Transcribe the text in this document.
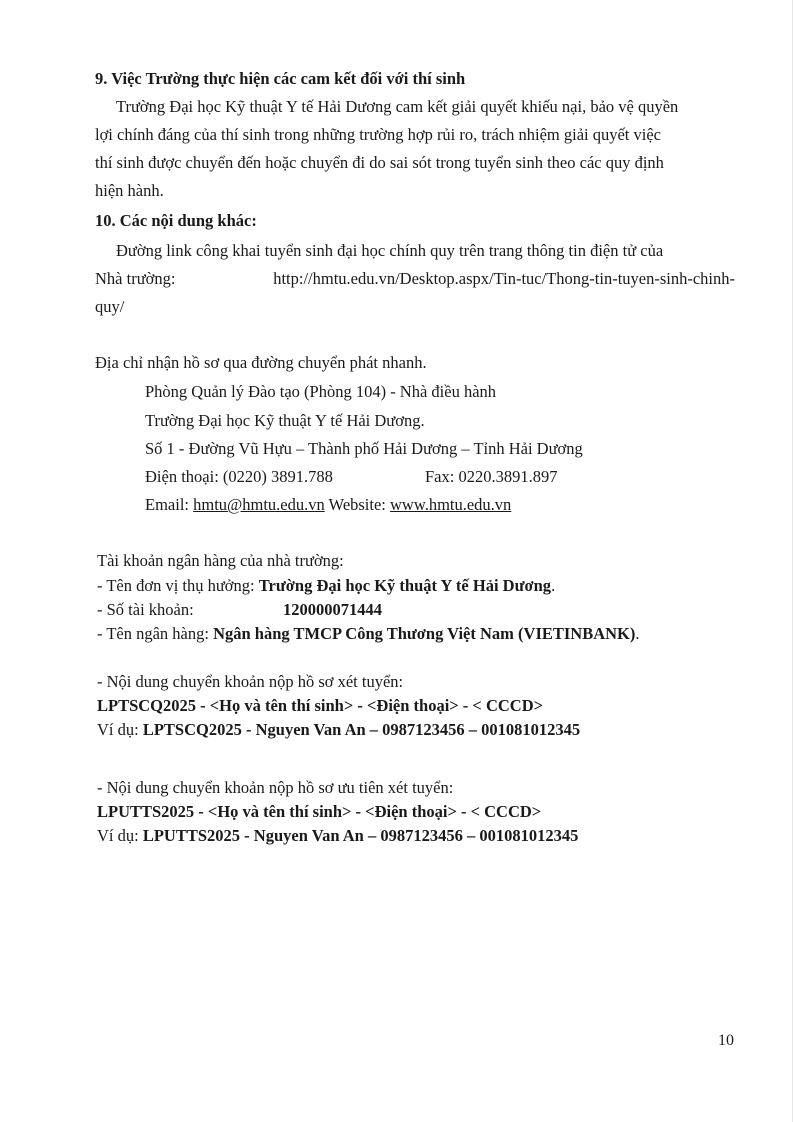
9. Việc Trường thực hiện các cam kết đối với thí sinh
Trường Đại học Kỹ thuật Y tế Hải Dương cam kết giải quyết khiếu nại, bảo vệ quyền
lợi chính đáng của thí sinh trong những trường hợp rủi ro, trách nhiệm giải quyết việc
thí sinh được chuyển đến hoặc chuyển đi do sai sót trong tuyển sinh theo các quy định
hiện hành.
10. Các nội dung khác:
Đường link công khai tuyển sinh đại học chính quy trên trang thông tin điện tử của
Nhà trường:	http://hmtu.edu.vn/Desktop.aspx/Tin-tuc/Thong-tin-tuyen-sinh-chinh-
quy/
Địa chỉ nhận hồ sơ qua đường chuyển phát nhanh.
Phòng Quản lý Đào tạo (Phòng 104) - Nhà điều hành
Trường Đại học Kỹ thuật Y tế Hải Dương.
Số 1 - Đường Vũ Hựu – Thành phố Hải Dương – Tỉnh Hải Dương
Điện thoại: (0220) 3891.788	Fax: 0220.3891.897
Email: hmtu@hmtu.edu.vn Website: www.hmtu.edu.vn
Tài khoản ngân hàng của nhà trường:
- Tên đơn vị thụ hưởng: Trường Đại học Kỹ thuật Y tế Hải Dương.
- Số tài khoản:	120000071444
- Tên ngân hàng: Ngân hàng TMCP Công Thương Việt Nam (VIETINBANK).
- Nội dung chuyển khoản nộp hồ sơ xét tuyển:
LPTSCQ2025 - <Họ và tên thí sinh> - <Điện thoại> - < CCCD>
Ví dụ: LPTSCQ2025 - Nguyen Van An – 0987123456 – 001081012345
- Nội dung chuyển khoản nộp hồ sơ ưu tiên xét tuyển:
LPUTTS2025 - <Họ và tên thí sinh> - <Điện thoại> - < CCCD>
Ví dụ: LPUTTS2025 - Nguyen Van An – 0987123456 – 001081012345
10
